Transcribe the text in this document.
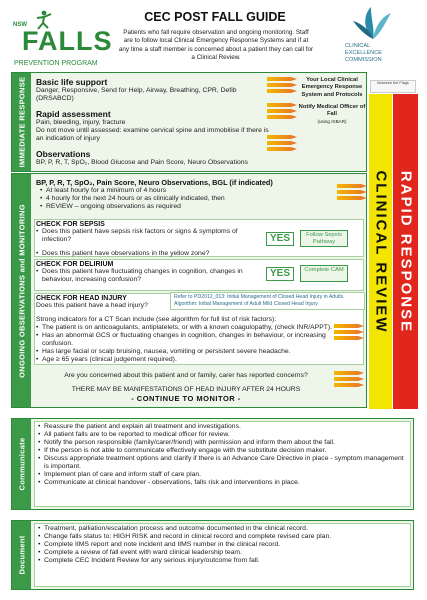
NSW
FALLS
PREVENTION PROGRAM
CEC POST FALL GUIDE
Patients who fall require observation and ongoing monitoring. Staff are to follow local Clinical Emergency Response Systems and if at any time a staff member is concerned about a patient they can call for a Clinical Review.
CLINICAL
EXCELLENCE
COMMISSION
IMMEDIATE RESPONSE Basic life support
Danger, Responsive, Send for Help, Airway, Breathing, CPR, Defib (DRSABCD)
Rapid assessment
Pain, bleeding, injury, fracture
Do not move until assessed: examine cervical spine and immobilise if there is an indication of injury
Observations
BP, P, R, T, SpO₂, Blood Glucose and Pain Score, Neuro Observations
Your Local Clinical Emergency Response System and Protocols
Notify Medical Officer of Fall
(using ISBAR)
Between the Flags
CLINICAL REVIEW RAPID RESPONSE
ONGOING OBSERVATIONS and MONITORING
BP, P, R, T, SpO₂, Pain Score, Neuro Observations, BGL (if indicated)
• At least hourly for a minimum of 4 hours
• 4 hourly for the next 24 hours or as clinically indicated, then
• REVIEW – ongoing observations as required
CHECK FOR SEPSIS
• Does this patient have sepsis risk factors or signs & symptoms of infection?
• Does this patient have observations in the yellow zone?
YES	Follow Sepsis Pathway
CHECK FOR DELIRIUM
• Does this patient have fluctuating changes in cognition, changes in behaviour, increasing confusion?
YES	Complete CAM
CHECK FOR HEAD INJURY
Does this patient have a head injury?
Strong indicators for a CT Scan include (see algorithm for full list of risk factors):
• The patient is on anticoagulants, antiplatelets, or with a known coagulopathy, (check INR/APPT).
• Has an abnormal GCS or fluctuating changes in cognition, changes in behaviour, or increasing confusion.
• Has large facial or scalp bruising, nausea, vomiting or persistent severe headache.
• Age ≥ 65 years (clinical judgement required).
Are you concerned about this patient and or family, carer has reported concerns?
THERE MAY BE MANIFESTATIONS OF HEAD INJURY AFTER 24 HOURS
- CONTINUE TO MONITOR -
Refer to PD2012_013: Initial Management of Closed Head Injury in Adults.
Algorithm: Initial Management of Adult Mild Closed Head Injury
Communicate
• Reassure the patient and explain all treatment and investigations.
• All patient falls are to be reported to medical officer for review.
• Notify the person responsible (family/carer/friend) with permission and inform them about the fall.
• If the person is not able to communicate effectively engage with the substitute decision maker.
• Discuss appropriate treatment options and clarify if there is an Advance Care Directive in place - symptom management is important.
• Implement plan of care and inform staff of care plan.
• Communicate at clinical handover - observations, falls risk and interventions in place.
Document
• Treatment, palliation/escalation process and outcome documented in the clinical record.
• Change falls status to: HIGH RISK and record in clinical record and complete revised care plan.
• Complete IIMS report and note incident and IIMS number in the clinical record.
• Complete a review of fall event with ward clinical leadership team.
• Complete CEC Incident Review for any serious injury/outcome from fall.
